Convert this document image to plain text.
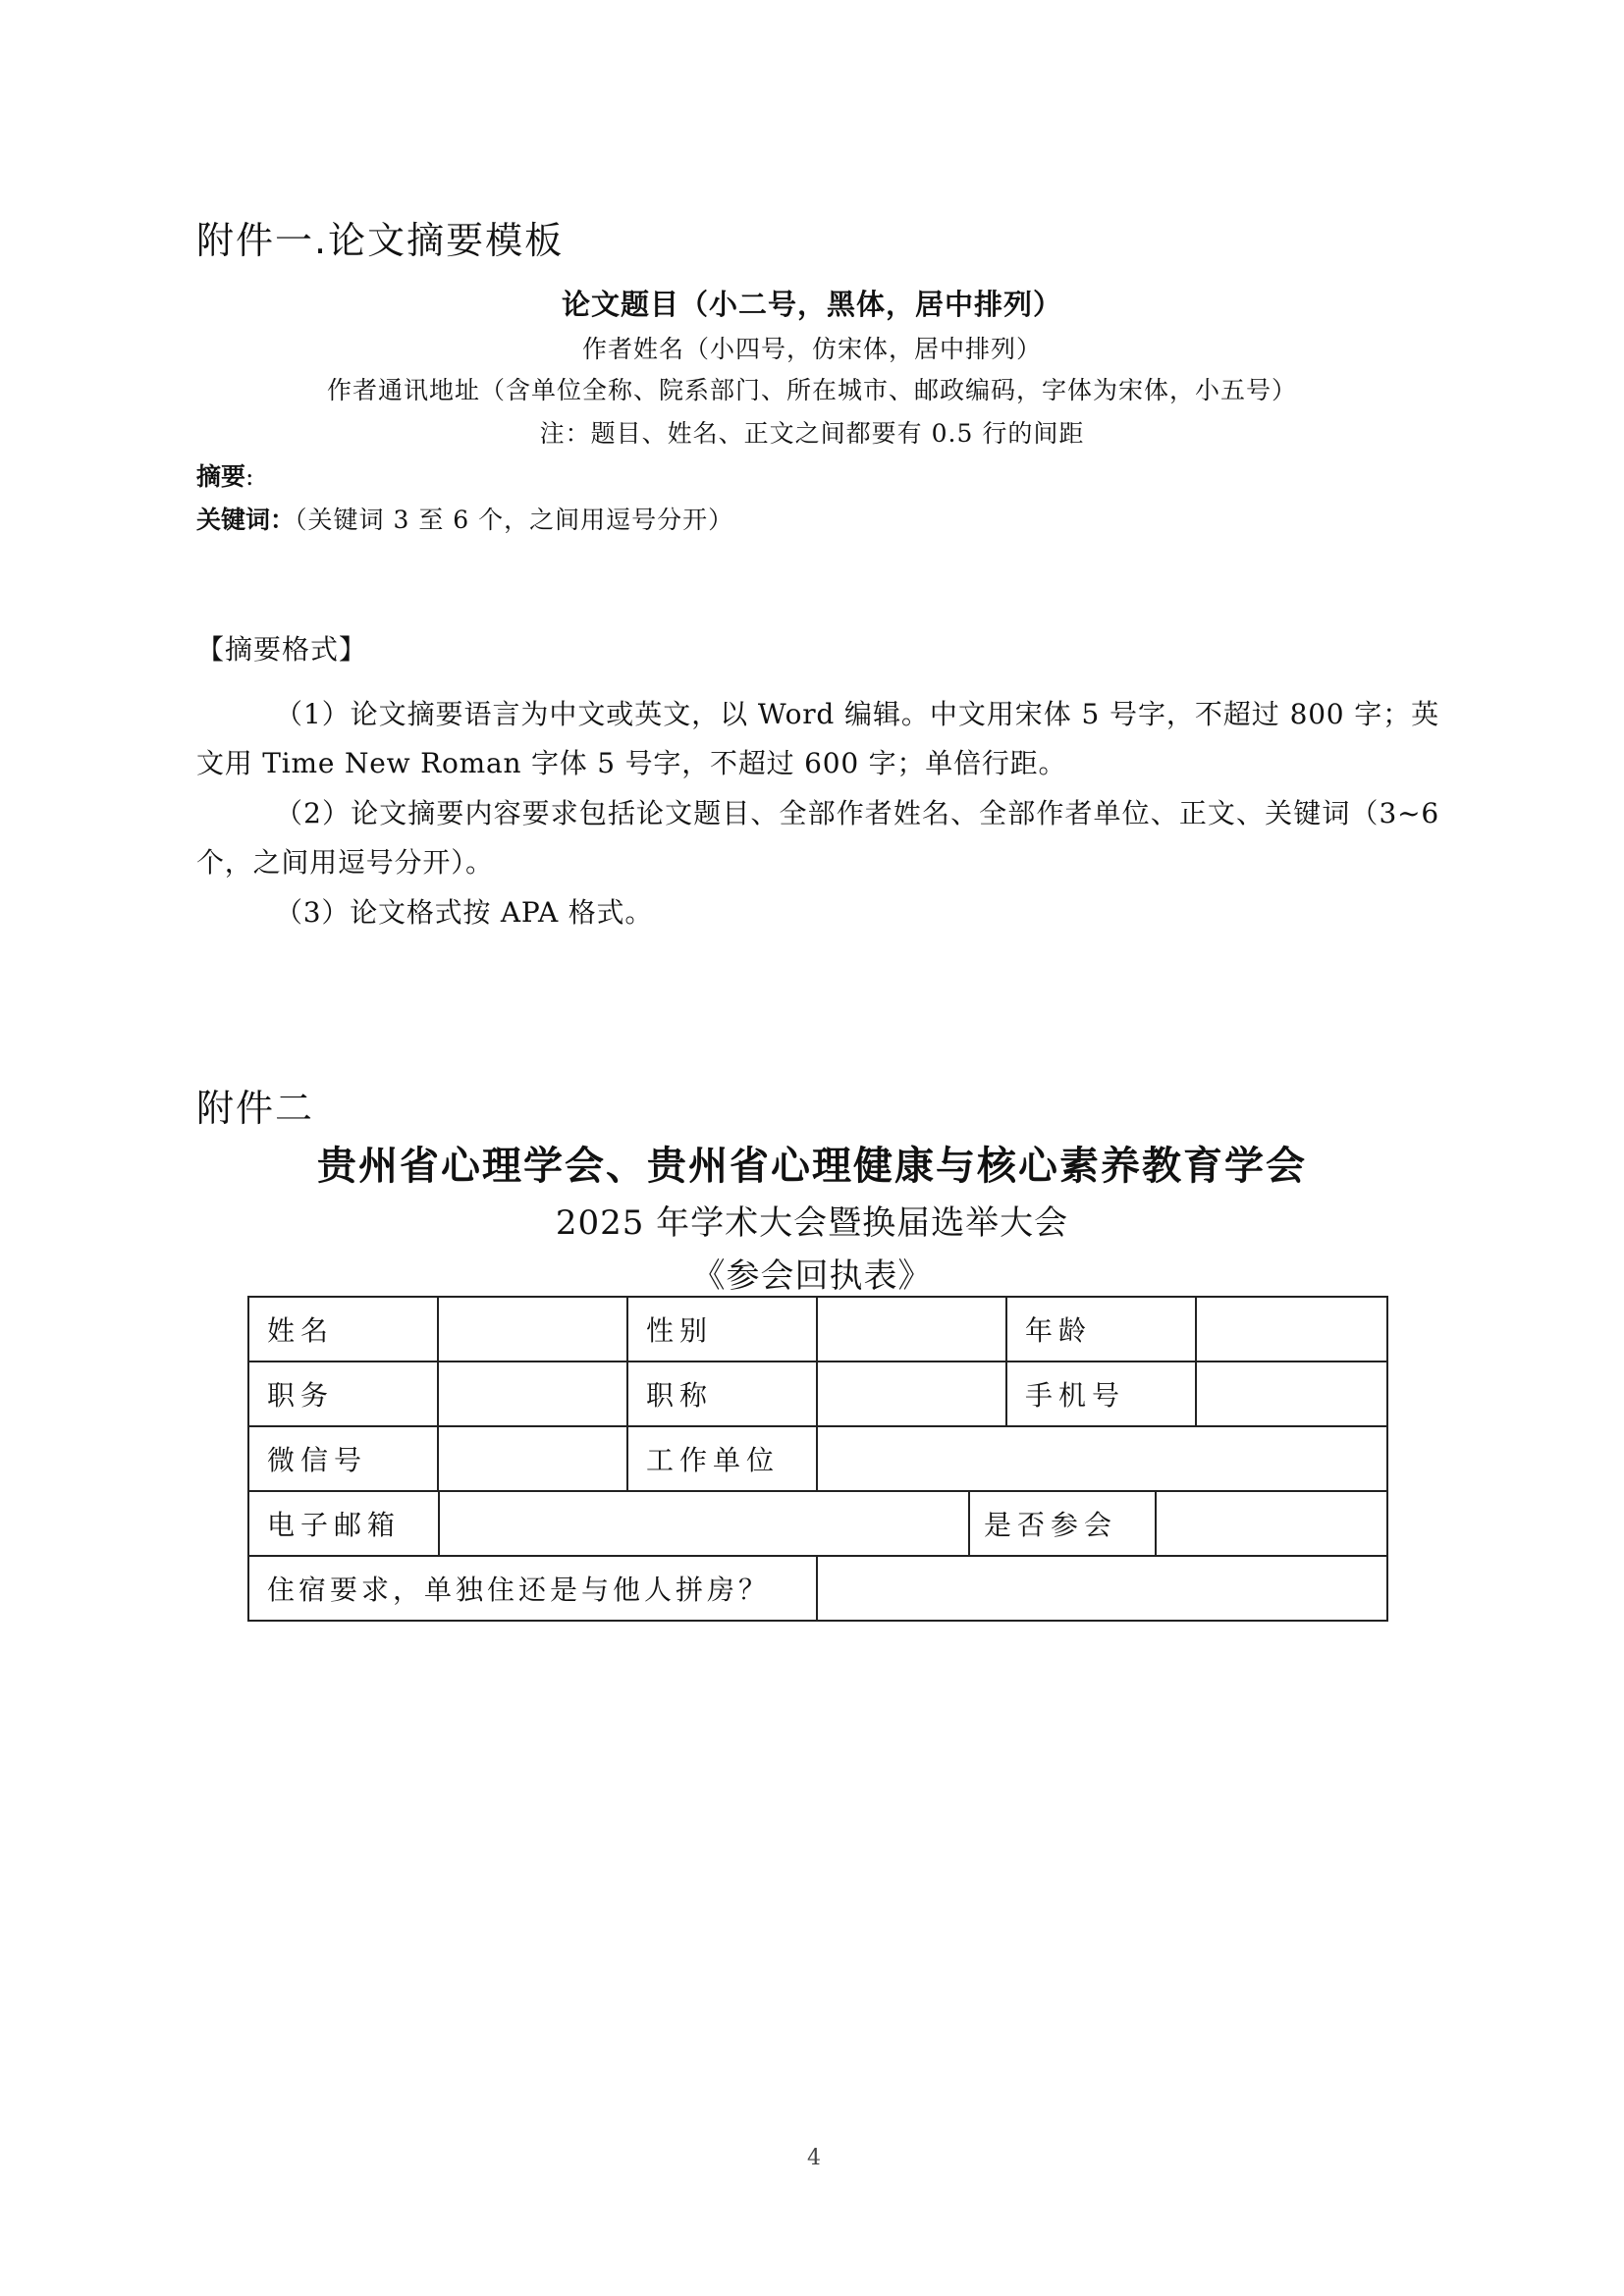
附件一.论文摘要模板
论文题目（小二号，黑体，居中排列）
作者姓名（小四号，仿宋体，居中排列）
作者通讯地址（含单位全称、院系部门、所在城市、邮政编码，字体为宋体，小五号）
注：题目、姓名、正文之间都要有 0.5 行的间距
摘要:
关键词：（关键词 3 至 6 个，之间用逗号分开）
【摘要格式】
（1）论文摘要语言为中文或英文，以 Word 编辑。中文用宋体 5 号字，不超过 800 字；英文用 Time New Roman 字体 5 号字，不超过 600 字；单倍行距。
（2）论文摘要内容要求包括论文题目、全部作者姓名、全部作者单位、正文、关键词（3~6 个，之间用逗号分开）。
（3）论文格式按 APA 格式。
附件二
贵州省心理学会、贵州省心理健康与核心素养教育学会
2025 年学术大会暨换届选举大会
《参会回执表》
姓名		性别		年龄	
职务		职称		手机号	
微信号		工作单位	

电子邮箱		是否参会	

住宿要求，单独住还是与他人拼房？	
4
